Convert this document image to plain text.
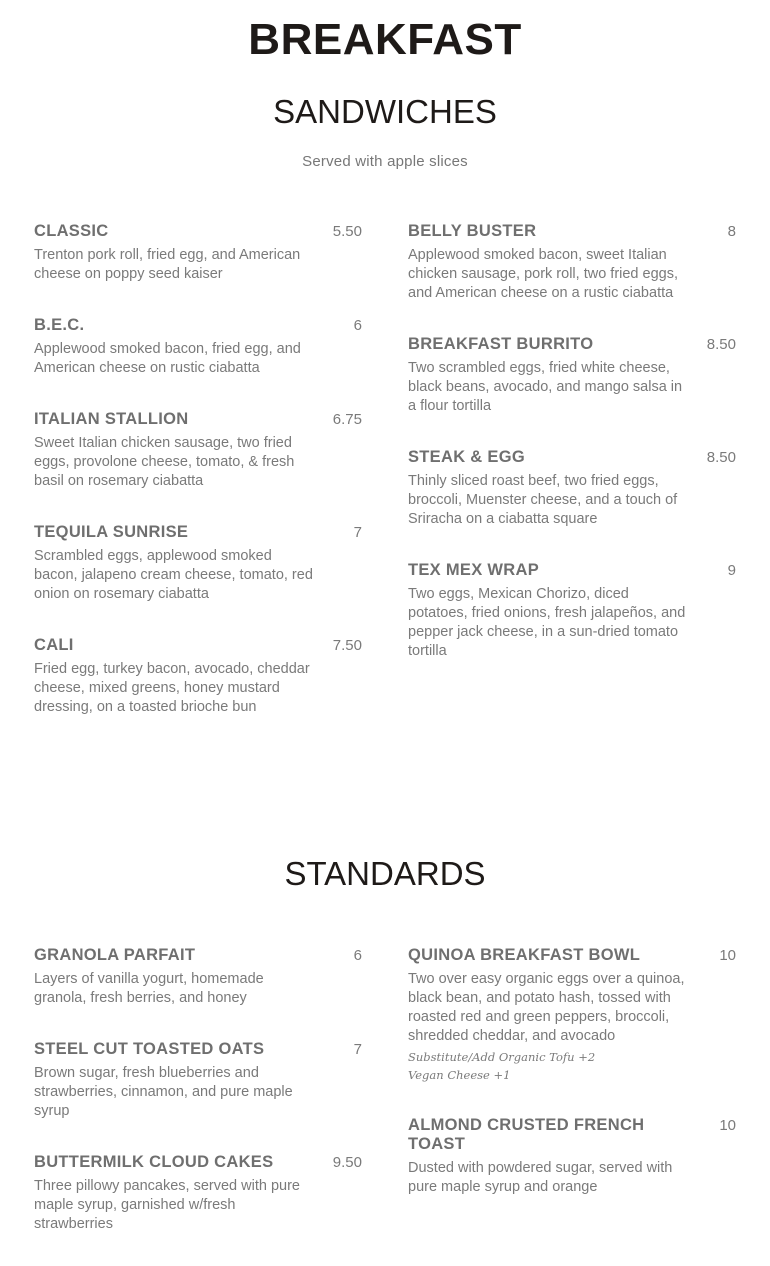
BREAKFAST
SANDWICHES
Served with apple slices
CLASSIC	5.50
Trenton pork roll, fried egg, and American cheese on poppy seed kaiser
B.E.C.	6
Applewood smoked bacon, fried egg, and American cheese on rustic ciabatta
ITALIAN STALLION	6.75
Sweet Italian chicken sausage, two fried eggs, provolone cheese, tomato, & fresh basil on rosemary ciabatta
TEQUILA SUNRISE	7
Scrambled eggs, applewood smoked bacon, jalapeno cream cheese, tomato, red onion on rosemary ciabatta
CALI	7.50
Fried egg, turkey bacon, avocado, cheddar cheese, mixed greens, honey mustard dressing, on a toasted brioche bun
BELLY BUSTER	8
Applewood smoked bacon, sweet Italian chicken sausage, pork roll, two fried eggs, and American cheese on a rustic ciabatta
BREAKFAST BURRITO	8.50
Two scrambled eggs, fried white cheese, black beans, avocado, and mango salsa in a flour tortilla
STEAK & EGG	8.50
Thinly sliced roast beef, two fried eggs, broccoli, Muenster cheese, and a touch of Sriracha on a ciabatta square
TEX MEX WRAP	9
Two eggs, Mexican Chorizo, diced potatoes, fried onions, fresh jalapeños, and pepper jack cheese, in a sun-dried tomato tortilla
STANDARDS
GRANOLA PARFAIT	6
Layers of vanilla yogurt, homemade granola, fresh berries, and honey
STEEL CUT TOASTED OATS	7
Brown sugar, fresh blueberries and strawberries, cinnamon, and pure maple syrup
BUTTERMILK CLOUD CAKES	9.50
Three pillowy pancakes, served with pure maple syrup, garnished w/fresh strawberries
QUINOA BREAKFAST BOWL	10
Two over easy organic eggs over a quinoa, black bean, and potato hash, tossed with roasted red and green peppers, broccoli, shredded cheddar, and avocado
Substitute/Add Organic Tofu +2
Vegan Cheese +1
ALMOND CRUSTED FRENCH TOAST
10
Dusted with powdered sugar, served with pure maple syrup and orange
